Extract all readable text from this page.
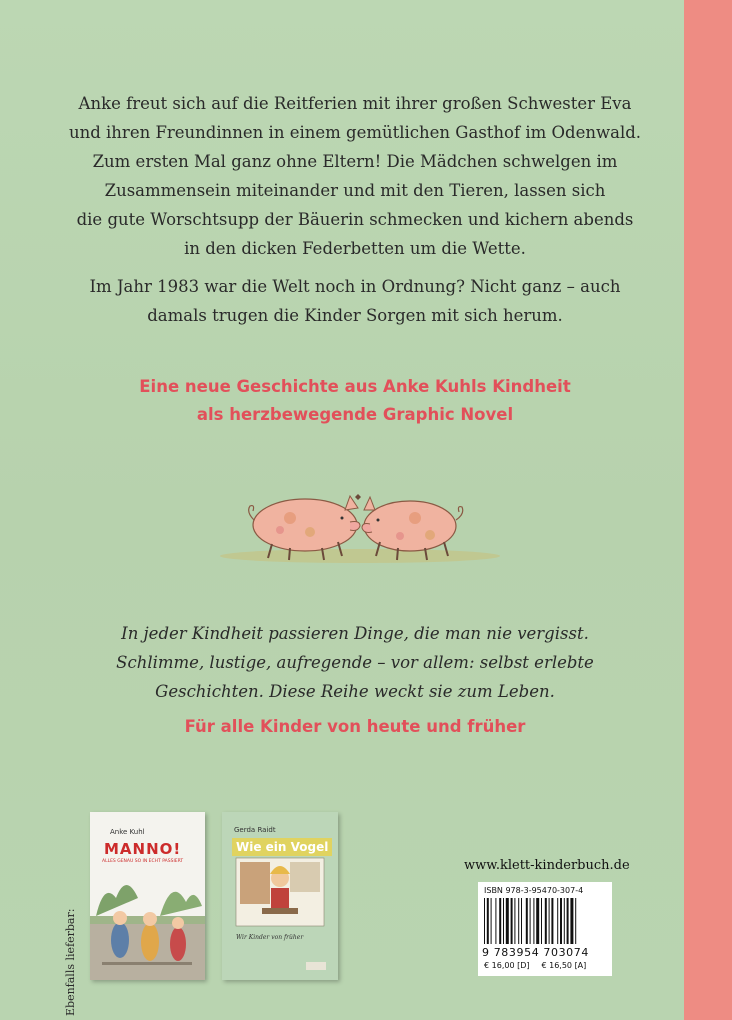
Anke freut sich auf die Reitferien mit ihrer großen Schwester Eva
und ihren Freundinnen in einem gemütlichen Gasthof im Odenwald.
Zum ersten Mal ganz ohne Eltern! Die Mädchen schwelgen im
Zusammensein miteinander und mit den Tieren, lassen sich
die gute Worschtsupp der Bäuerin schmecken und kichern abends
in den dicken Federbetten um die Wette.

Im Jahr 1983 war die Welt noch in Ordnung? Nicht ganz – auch
damals trugen die Kinder Sorgen mit sich herum.

Eine neue Geschichte aus Anke Kuhls Kindheit
als herzbewegende Graphic Novel

In jeder Kindheit passieren Dinge, die man nie vergisst.
Schlimme, lustige, aufregende – vor allem: selbst erlebte
Geschichten. Diese Reihe weckt sie zum Leben.

Für alle Kinder von heute und früher

Ebenfalls lieferbar:
Anke Kuhl
MANNO!
ALLES GENAU SO IN ECHT PASSIERT
Gerda Raidt
Wie ein Vogel
Wir Kinder von früher
www.klett-kinderbuch.de
ISBN 978-3-95470-307-4
9 783954 703074
€ 16,00 [D] € 16,50 [A]
